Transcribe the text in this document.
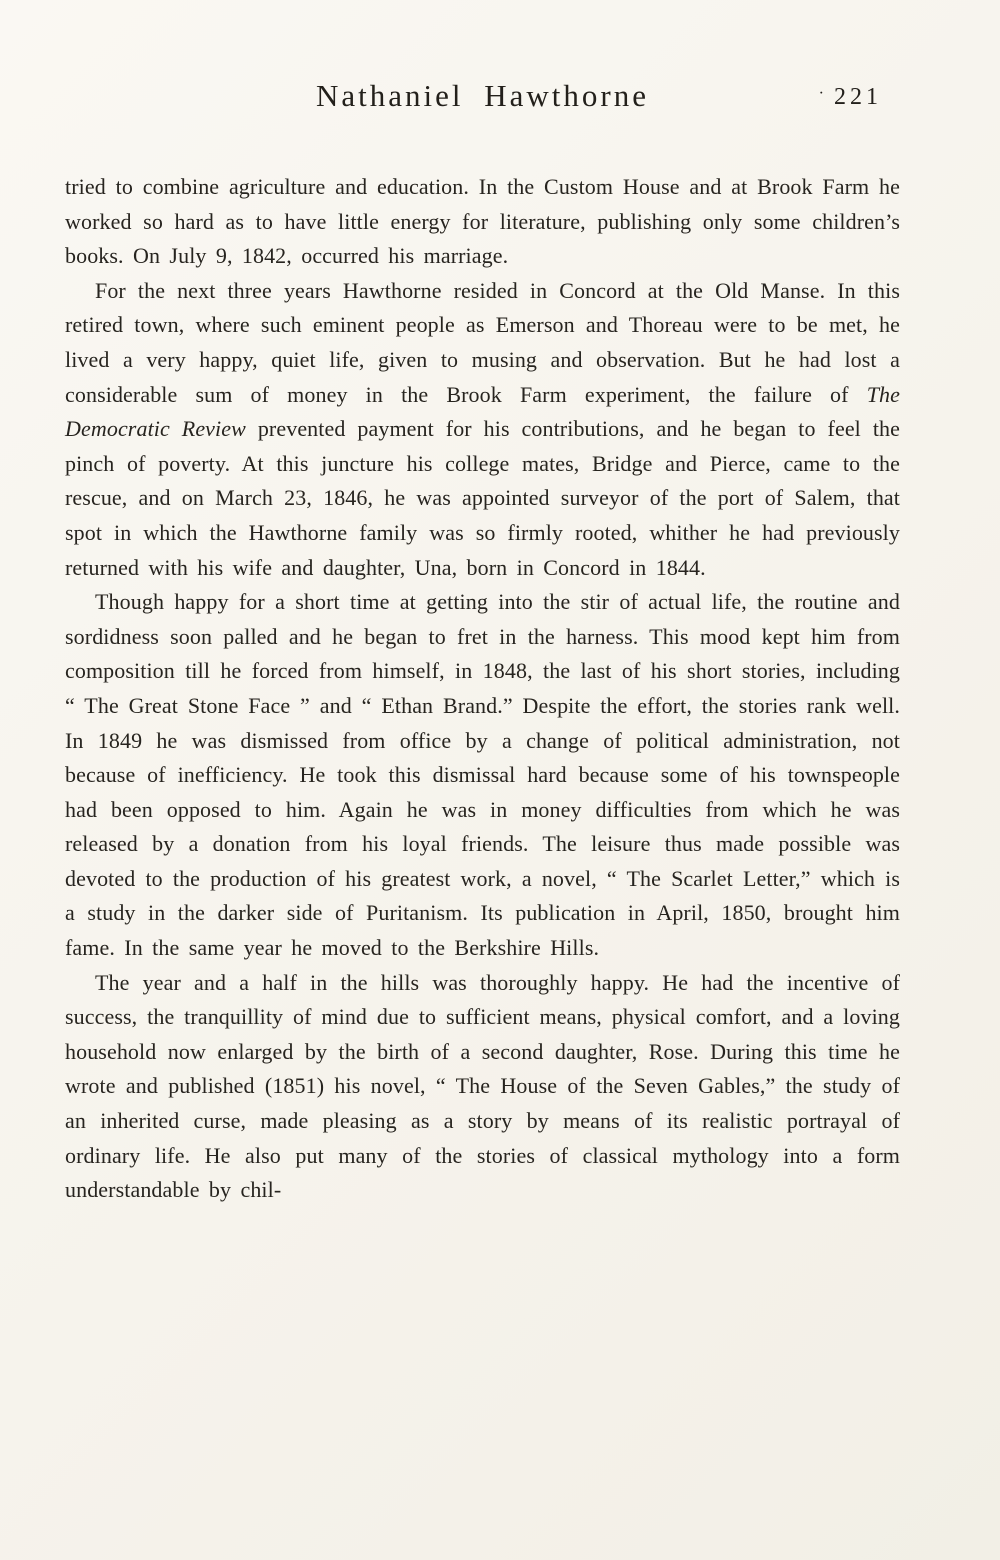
Nathaniel Hawthorne	· 221

tried to combine agriculture and education. In the Custom House and at Brook Farm he worked so hard as to have little energy for literature, publishing only some children’s books. On July 9, 1842, occurred his marriage.

For the next three years Hawthorne resided in Concord at the Old Manse. In this retired town, where such eminent people as Emerson and Thoreau were to be met, he lived a very happy, quiet life, given to musing and observation. But he had lost a considerable sum of money in the Brook Farm experiment, the failure of The Democratic Review prevented payment for his contributions, and he began to feel the pinch of poverty. At this juncture his college mates, Bridge and Pierce, came to the rescue, and on March 23, 1846, he was appointed surveyor of the port of Salem, that spot in which the Hawthorne family was so firmly rooted, whither he had previously returned with his wife and daughter, Una, born in Concord in 1844.

Though happy for a short time at getting into the stir of actual life, the routine and sordidness soon palled and he began to fret in the harness. This mood kept him from composition till he forced from himself, in 1848, the last of his short stories, including “ The Great Stone Face ” and “ Ethan Brand.” Despite the effort, the stories rank well. In 1849 he was dismissed from office by a change of political administration, not because of inefficiency. He took this dismissal hard because some of his townspeople had been opposed to him. Again he was in money difficulties from which he was released by a donation from his loyal friends. The leisure thus made possible was devoted to the production of his greatest work, a novel, “ The Scarlet Letter,” which is a study in the darker side of Puritanism. Its publication in April, 1850, brought him fame. In the same year he moved to the Berkshire Hills.

The year and a half in the hills was thoroughly happy. He had the incentive of success, the tranquillity of mind due to sufficient means, physical comfort, and a loving household now enlarged by the birth of a second daughter, Rose. During this time he wrote and published (1851) his novel, “ The House of the Seven Gables,” the study of an inherited curse, made pleasing as a story by means of its realistic portrayal of ordinary life. He also put many of the stories of classical mythology into a form understandable by chil-
